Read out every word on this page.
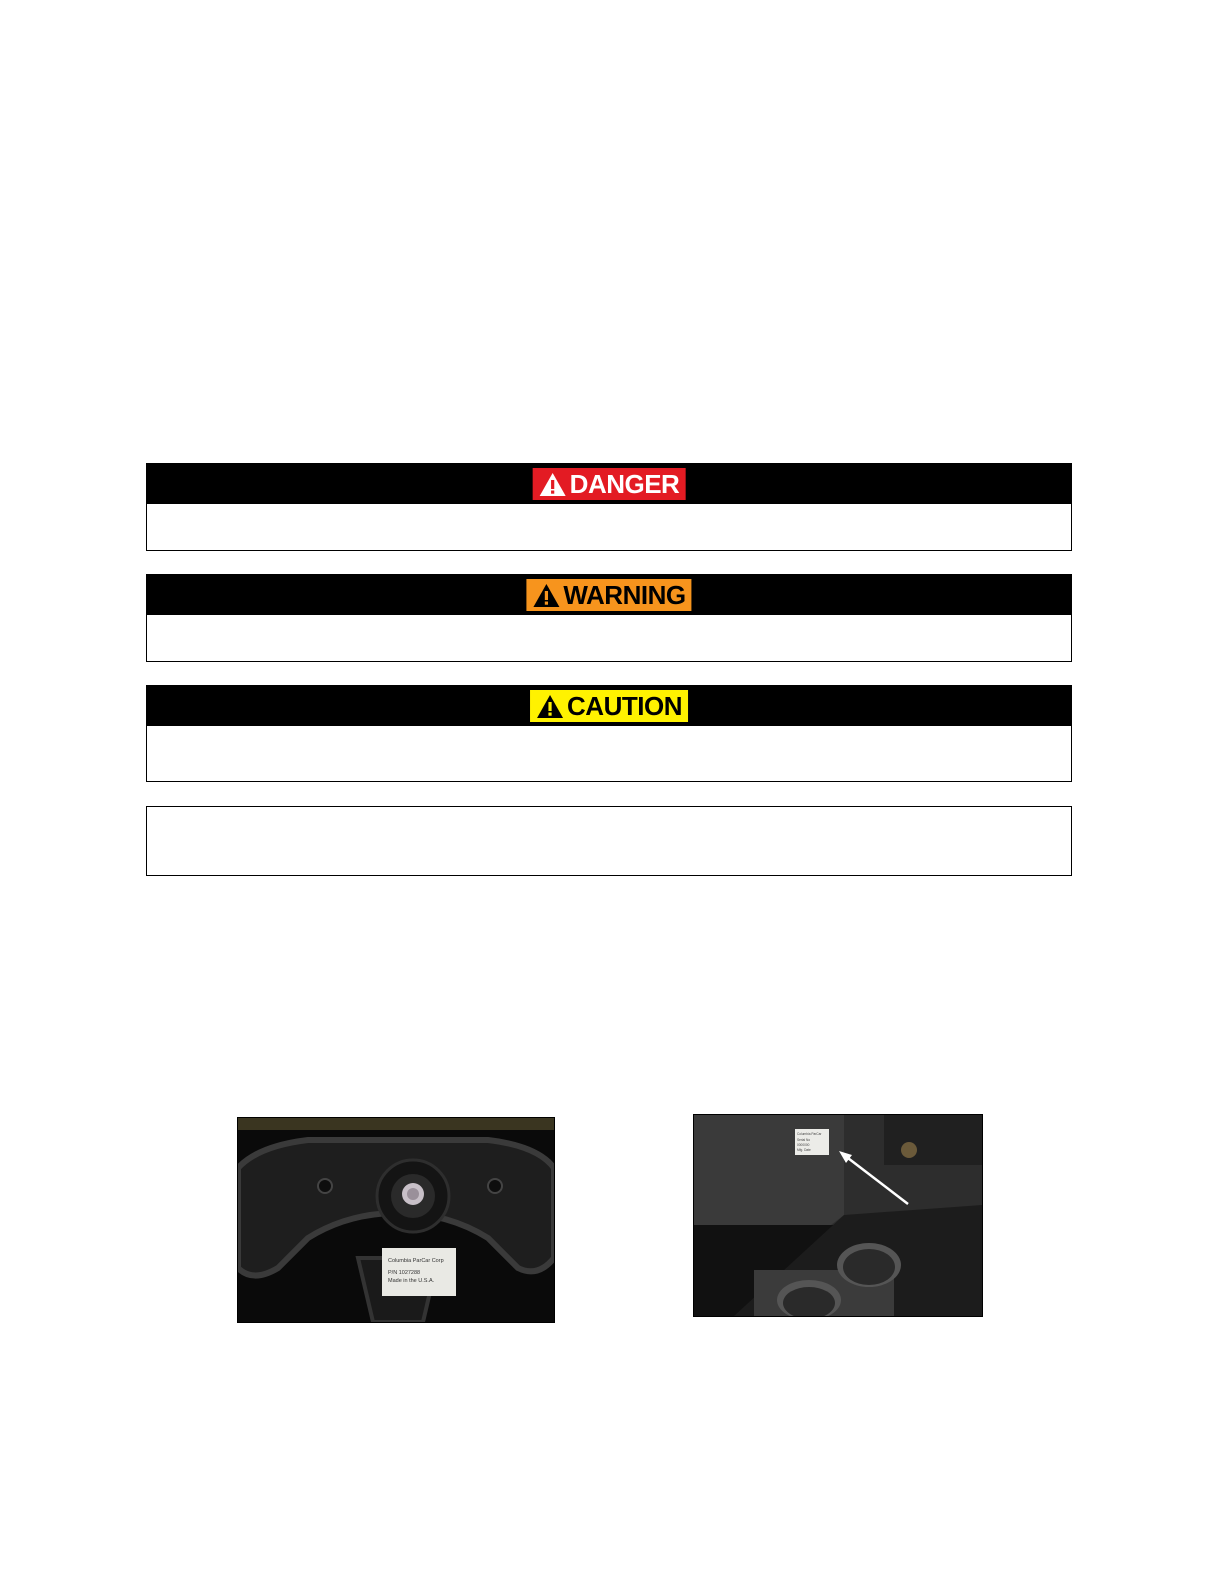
DANGER
WARNING
CAUTION
Columbia ParCar Corp
P/N 1027288
Made in the U.S.A.
Columbia ParCar
Serial No
0000000
Mfg. Date
